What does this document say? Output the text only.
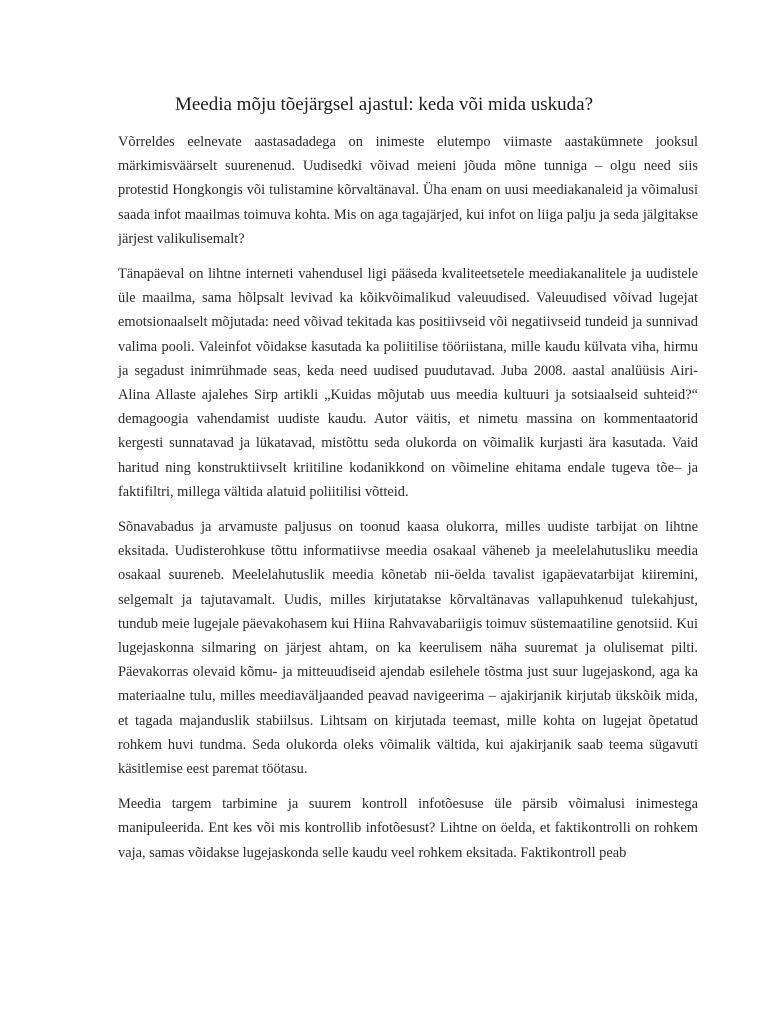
Meedia mõju tõejärgsel ajastul: keda või mida uskuda?

Võrreldes eelnevate aastasadadega on inimeste elutempo viimaste aastakümnete jooksul märkimisväärselt suurenenud. Uudisedki võivad meieni jõuda mõne tunniga – olgu need siis protestid Hongkongis või tulistamine kõrvaltänaval. Üha enam on uusi meediakanaleid ja võimalusi saada infot maailmas toimuva kohta. Mis on aga tagajärjed, kui infot on liiga palju ja seda jälgitakse järjest valikulisemalt?

Tänapäeval on lihtne interneti vahendusel ligi pääseda kvaliteetsetele meediakanalitele ja uudistele üle maailma, sama hõlpsalt levivad ka kõikvõimalikud valeuudised. Valeuudised võivad lugejat emotsionaalselt mõjutada: need võivad tekitada kas positiivseid või negatiivseid tundeid ja sunnivad valima pooli. Valeinfot võidakse kasutada ka poliitilise tööriistana, mille kaudu külvata viha, hirmu ja segadust inimrühmade seas, keda need uudised puudutavad. Juba 2008. aastal analüüsis Airi-Alina Allaste ajalehes Sirp artikli „Kuidas mõjutab uus meedia kultuuri ja sotsiaalseid suhteid?“ demagoogia vahendamist uudiste kaudu. Autor väitis, et nimetu massina on kommentaatorid kergesti sunnatavad ja lükatavad, mistõttu seda olukorda on võimalik kurjasti ära kasutada. Vaid haritud ning konstruktiivselt kriitiline kodanikkond on võimeline ehitama endale tugeva tõe– ja faktifiltri, millega vältida alatuid poliitilisi võtteid.

Sõnavabadus ja arvamuste paljusus on toonud kaasa olukorra, milles uudiste tarbijat on lihtne eksitada. Uudisterohkuse tõttu informatiivse meedia osakaal väheneb ja meelelahutusliku meedia osakaal suureneb. Meelelahutuslik meedia kõnetab nii-öelda tavalist igapäevatarbijat kiiremini, selgemalt ja tajutavamalt. Uudis, milles kirjutatakse kõrvaltänavas vallapuhkenud tulekahjust, tundub meie lugejale päevakohasem kui Hiina Rahvavabariigis toimuv süstemaatiline genotsiid. Kui lugejaskonna silmaring on järjest ahtam, on ka keerulisem näha suuremat ja olulisemat pilti. Päevakorras olevaid kõmu- ja mitteuudiseid ajendab esilehele tõstma just suur lugejaskond, aga ka materiaalne tulu, milles meediaväljaanded peavad navigeerima – ajakirjanik kirjutab ükskõik mida, et tagada majanduslik stabiilsus. Lihtsam on kirjutada teemast, mille kohta on lugejat õpetatud rohkem huvi tundma. Seda olukorda oleks võimalik vältida, kui ajakirjanik saab teema sügavuti käsitlemise eest paremat töötasu.

Meedia targem tarbimine ja suurem kontroll infotõesuse üle pärsib võimalusi inimestega manipuleerida. Ent kes või mis kontrollib infotõesust? Lihtne on öelda, et faktikontrolli on rohkem vaja, samas võidakse lugejaskonda selle kaudu veel rohkem eksitada. Faktikontroll peab
